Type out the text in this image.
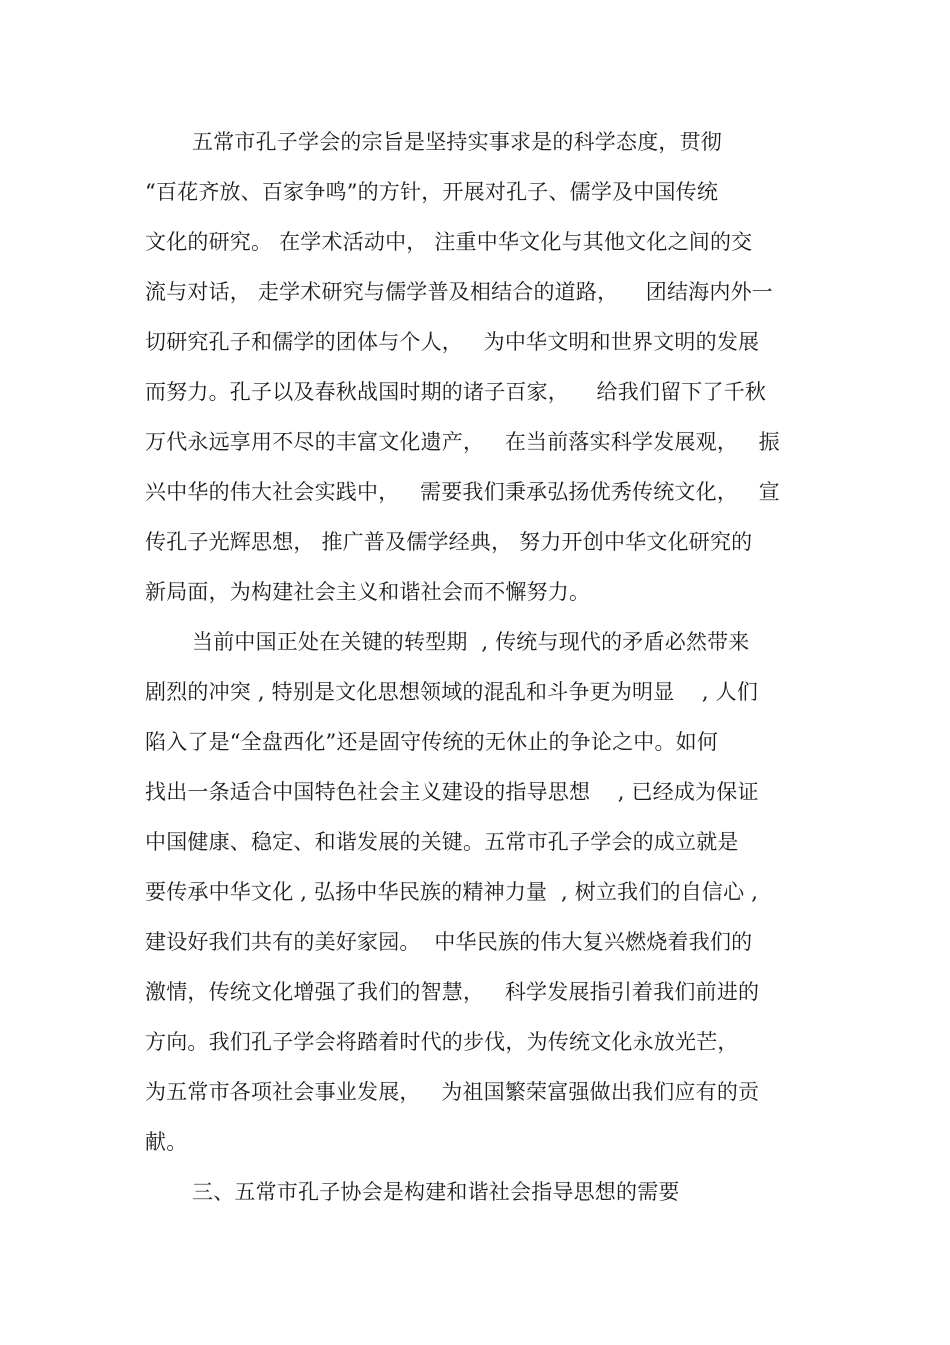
五常市孔子学会的宗旨是坚持实事求是的科学态度，贯彻
“百花齐放、百家争鸣”的方针，开展对孔子、儒学及中国传统
文化的研究。 在学术活动中， 注重中华文化与其他文化之间的交
流与对话， 走学术研究与儒学普及相结合的道路，    团结海内外一
切研究孔子和儒学的团体与个人，   为中华文明和世界文明的发展
而努力。孔子以及春秋战国时期的诸子百家，    给我们留下了千秋
万代永远享用不尽的丰富文化遗产，   在当前落实科学发展观，   振
兴中华的伟大社会实践中，   需要我们秉承弘扬优秀传统文化，   宣
传孔子光辉思想， 推广普及儒学经典， 努力开创中华文化研究的
新局面，为构建社会主义和谐社会而不懈努力。
当前中国正处在关键的转型期  , 传统与现代的矛盾必然带来
剧烈的冲突 , 特别是文化思想领域的混乱和斗争更为明显    , 人们
陷入了是“全盘西化”还是固守传统的无休止的争论之中。如何
找出一条适合中国特色社会主义建设的指导思想    , 已经成为保证
中国健康、稳定、和谐发展的关键。五常市孔子学会的成立就是
要传承中华文化 , 弘扬中华民族的精神力量  , 树立我们的自信心 ,
建设好我们共有的美好家园。  中华民族的伟大复兴燃烧着我们的
激情，传统文化增强了我们的智慧，   科学发展指引着我们前进的
方向。我们孔子学会将踏着时代的步伐，为传统文化永放光芒，
为五常市各项社会事业发展，   为祖国繁荣富强做出我们应有的贡
献。
三、五常市孔子协会是构建和谐社会指导思想的需要
